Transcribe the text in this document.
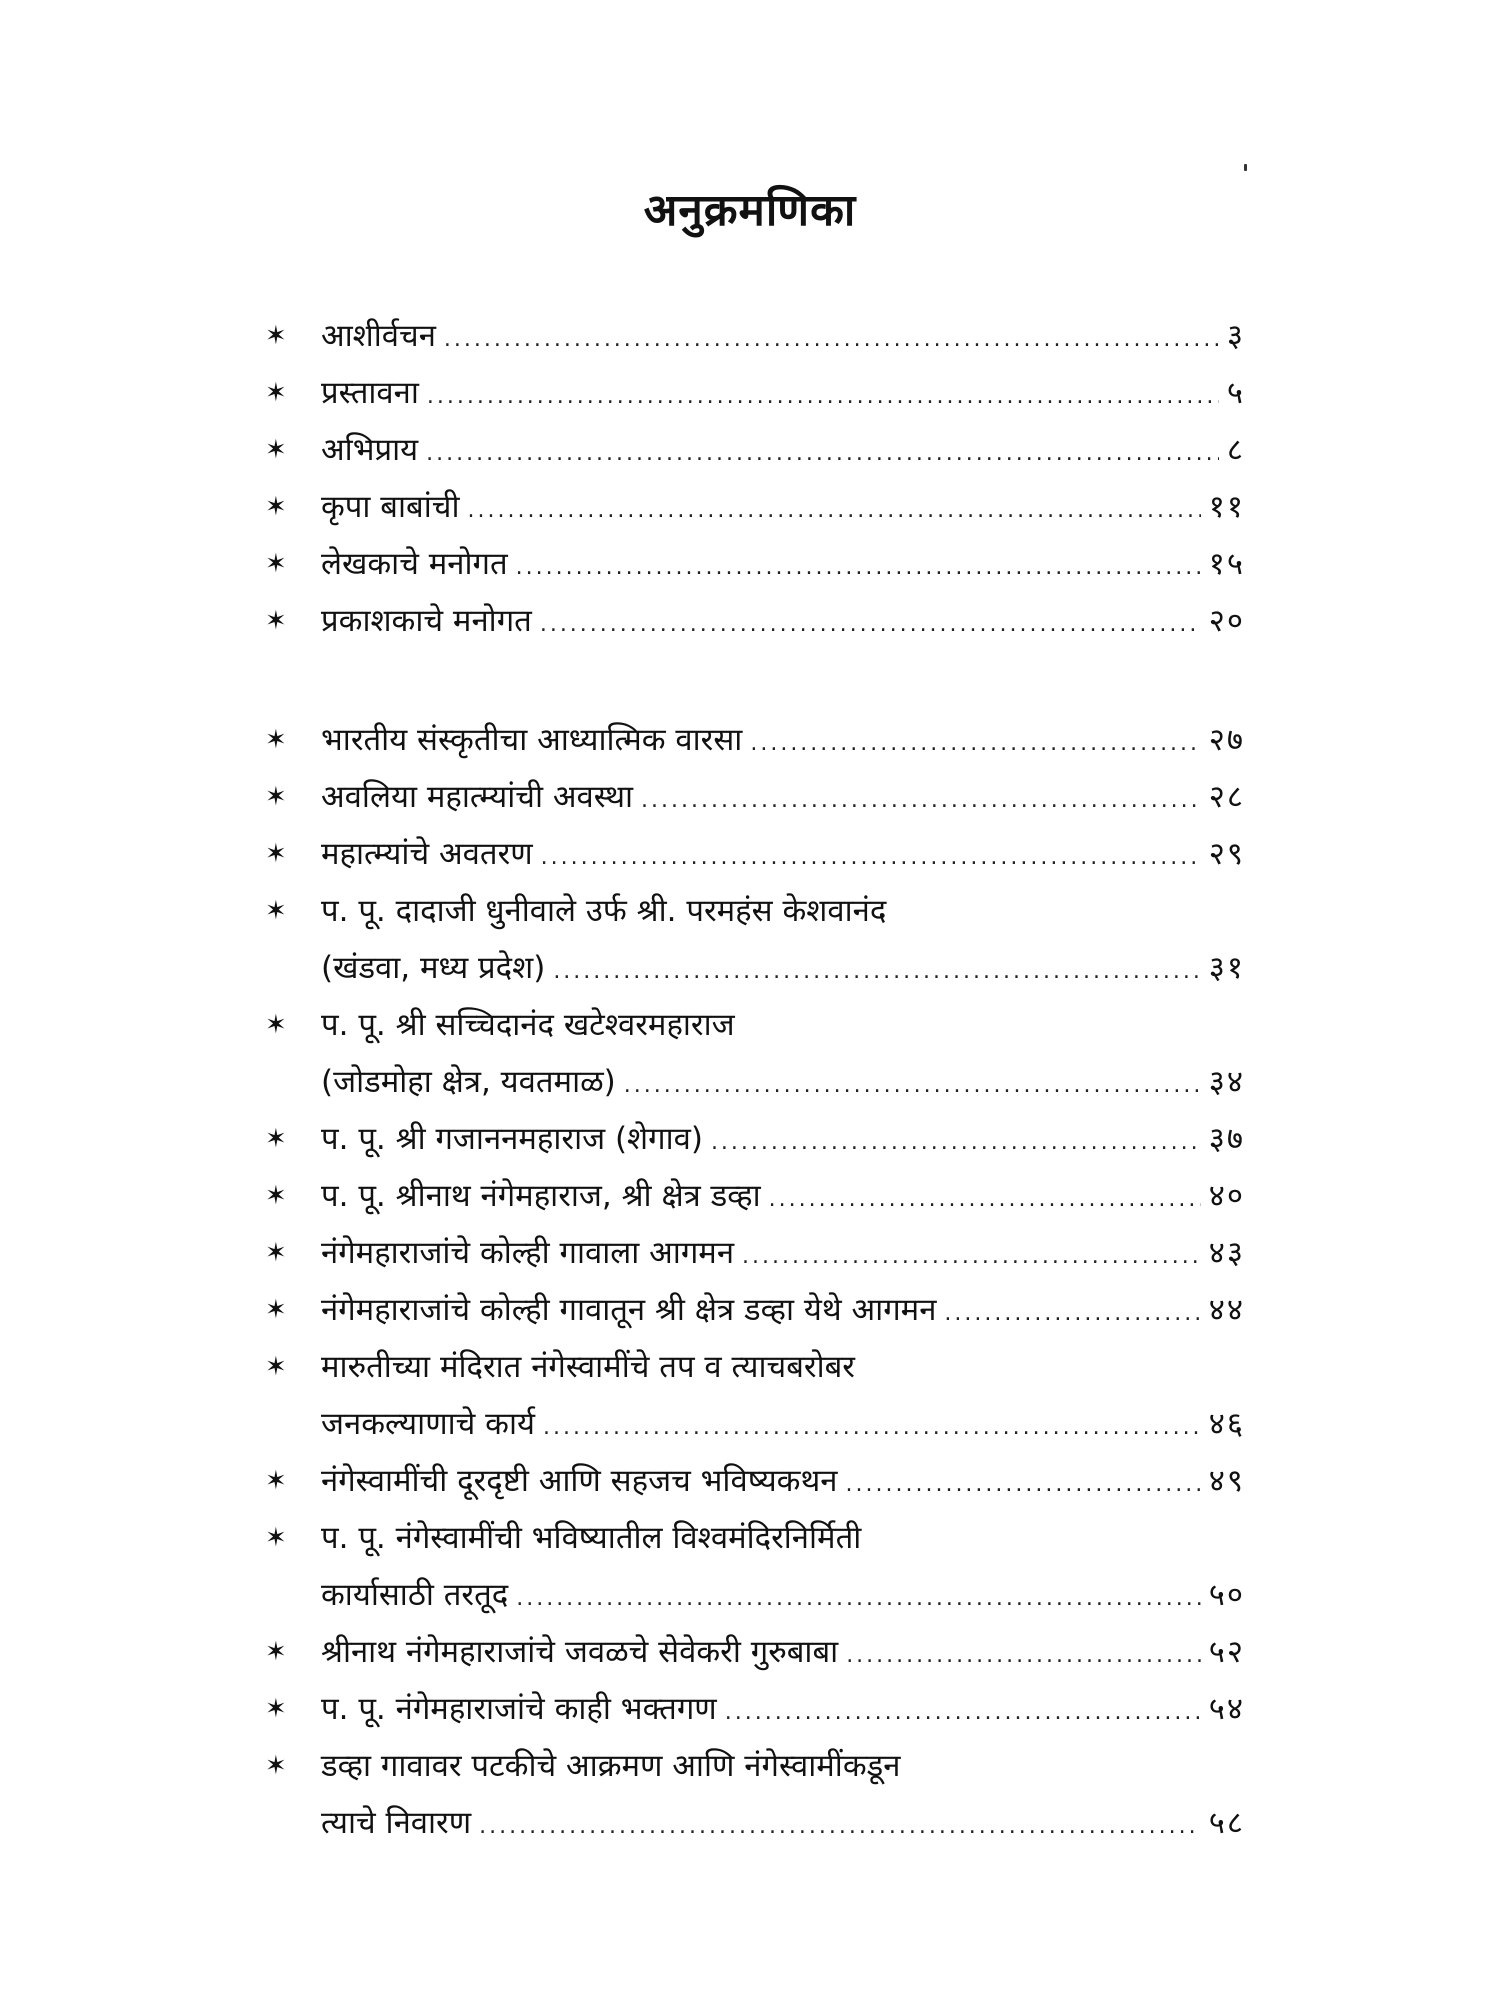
अनुक्रमणिका
✶	आशीर्वचन .....	३
✶	प्रस्तावना .....	५
✶	अभिप्राय .....	८
✶	कृपा बाबांची .....	११
✶	लेखकाचे मनोगत .....	१५
✶	प्रकाशकाचे मनोगत .....	२०
✶	भारतीय संस्कृतीचा आध्यात्मिक वारसा .....	२७
✶	अवलिया महात्म्यांची अवस्था .....	२८
✶	महात्म्यांचे अवतरण .....	२९
✶	प. पू. दादाजी धुनीवाले उर्फ श्री. परमहंस केशवानंद
(खंडवा, मध्य प्रदेश) .....	३१
✶	प. पू. श्री सच्चिदानंद खटेश्वरमहाराज
(जोडमोहा क्षेत्र, यवतमाळ) .....	३४
✶	प. पू. श्री गजाननमहाराज (शेगाव) .....	३७
✶	प. पू. श्रीनाथ नंगेमहाराज, श्री क्षेत्र डव्हा .....	४०
✶	नंगेमहाराजांचे कोल्ही गावाला आगमन .....	४३
✶	नंगेमहाराजांचे कोल्ही गावातून श्री क्षेत्र डव्हा येथे आगमन .....	४४
✶	मारुतीच्या मंदिरात नंगेस्वामींचे तप व त्याचबरोबर
जनकल्याणाचे कार्य .....	४६
✶	नंगेस्वामींची दूरदृष्टी आणि सहजच भविष्यकथन .....	४९
✶	प. पू. नंगेस्वामींची भविष्यातील विश्वमंदिरनिर्मिती
कार्यासाठी तरतूद .....	५०
✶	श्रीनाथ नंगेमहाराजांचे जवळचे सेवेकरी गुरुबाबा .....	५२
✶	प. पू. नंगेमहाराजांचे काही भक्तगण .....	५४
✶	डव्हा गावावर पटकीचे आक्रमण आणि नंगेस्वामींकडून
त्याचे निवारण .....	५८
